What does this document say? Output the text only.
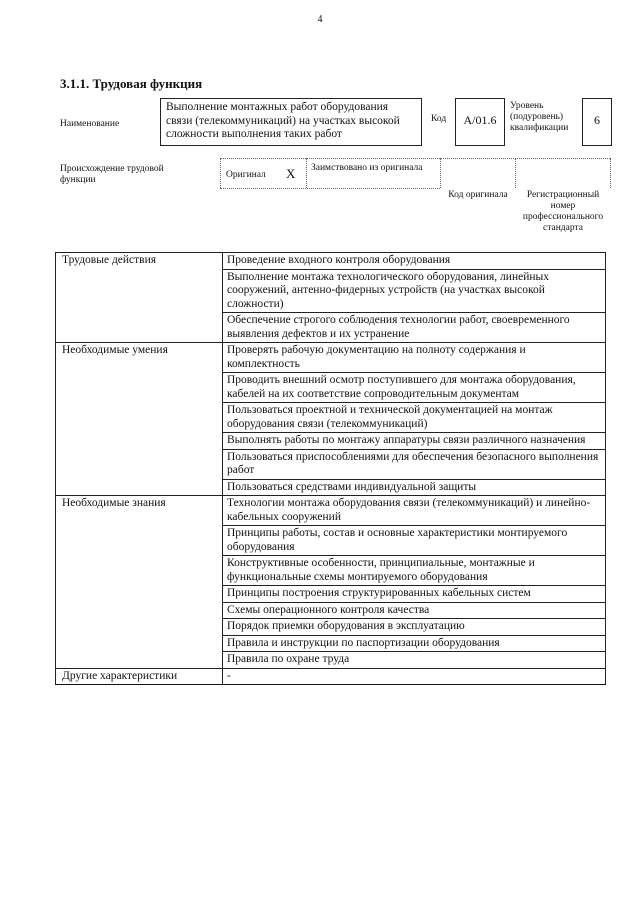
4
3.1.1. Трудовая функция
Наименование
Выполнение монтажных работ оборудования связи (телекоммуникаций) на участках высокой сложности выполнения таких работ
Код	A/01.6
Уровень (подуровень) квалификации
6
Происхождение трудовой функции	Оригинал X Заимствовано из оригинала
Код оригинала	Регистрационный номер профессионального стандарта
Трудовые действия	Проведение входного контроля оборудования
	Выполнение монтажа технологического оборудования, линейных сооружений, антенно-фидерных устройств (на участках высокой сложности)
	Обеспечение строгого соблюдения технологии работ, своевременного выявления дефектов и их устранение
Необходимые умения	Проверять рабочую документацию на полноту содержания и комплектность
	Проводить внешний осмотр поступившего для монтажа оборудования, кабелей на их соответствие сопроводительным документам
	Пользоваться проектной и технической документацией на монтаж оборудования связи (телекоммуникаций)
	Выполнять работы по монтажу аппаратуры связи различного назначения
	Пользоваться приспособлениями для обеспечения безопасного выполнения работ
	Пользоваться средствами индивидуальной защиты
Необходимые знания	Технологии монтажа оборудования связи (телекоммуникаций) и линейно-кабельных сооружений
	Принципы работы, состав и основные характеристики монтируемого оборудования
	Конструктивные особенности, принципиальные, монтажные и функциональные схемы монтируемого оборудования
	Принципы построения структурированных кабельных систем
	Схемы операционного контроля качества
	Порядок приемки оборудования в эксплуатацию
	Правила и инструкции по паспортизации оборудования
	Правила по охране труда
Другие характеристики	-
